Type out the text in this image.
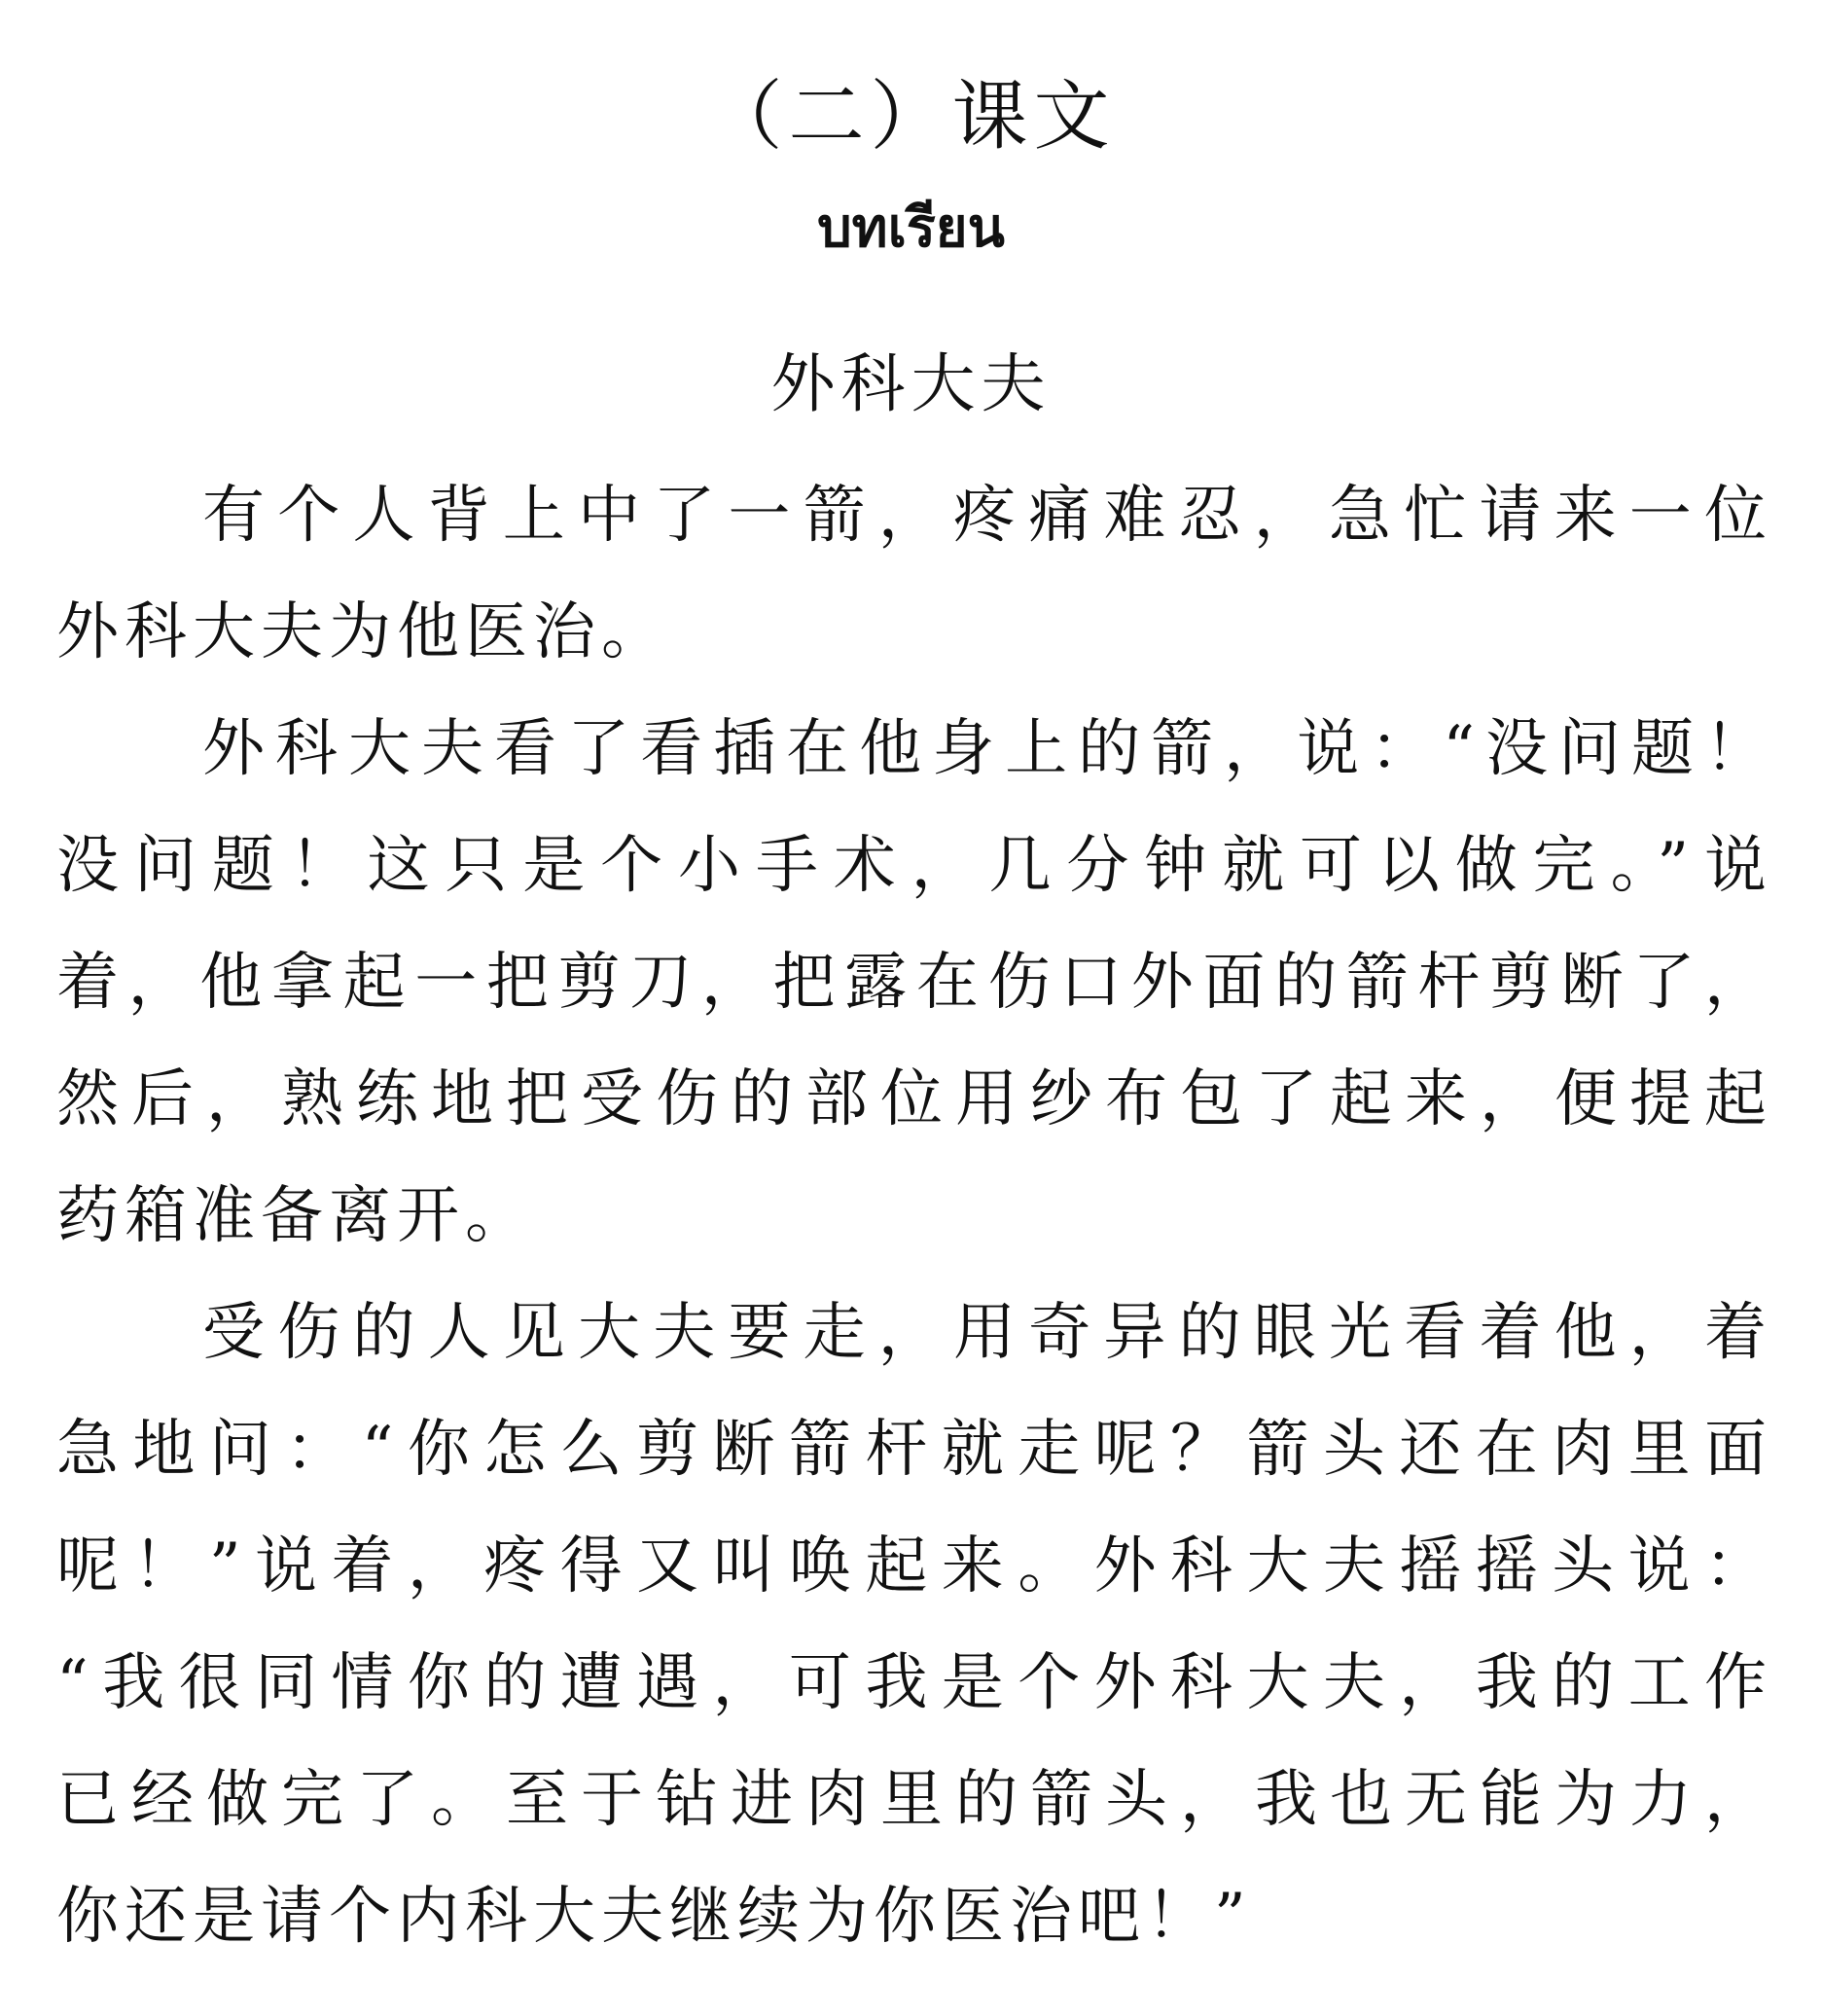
（二）课文
บทเรียน
外科大夫
有个人背上中了一箭，疼痛难忍，急忙请来一位
外科大夫为他医治。
外科大夫看了看插在他身上的箭，说：“没问题！
没问题！这只是个小手术，几分钟就可以做完。”说
着，他拿起一把剪刀，把露在伤口外面的箭杆剪断了，
然后，熟练地把受伤的部位用纱布包了起来，便提起
药箱准备离开。
受伤的人见大夫要走，用奇异的眼光看着他，着
急地问：“你怎么剪断箭杆就走呢？箭头还在肉里面
呢！”说着，疼得又叫唤起来。外科大夫摇摇头说：
“我很同情你的遭遇，可我是个外科大夫，我的工作
已经做完了。至于钻进肉里的箭头，我也无能为力，
你还是请个内科大夫继续为你医治吧！”
